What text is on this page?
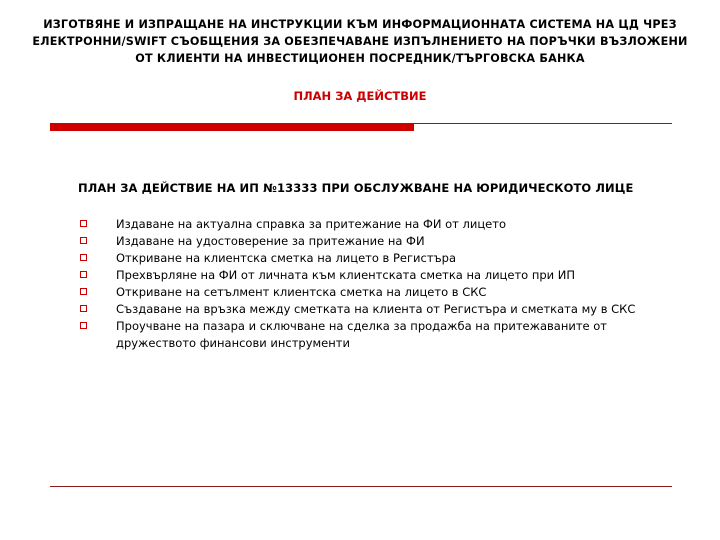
ИЗГОТВЯНЕ И ИЗПРАЩАНЕ НА ИНСТРУКЦИИ КЪМ ИНФОРМАЦИОННАТА СИСТЕМА НА ЦД ЧРЕЗ ЕЛЕКТРОННИ/SWIFT СЪОБЩЕНИЯ ЗА ОБЕЗПЕЧАВАНЕ ИЗПЪЛНЕНИЕТО НА ПОРЪЧКИ ВЪЗЛОЖЕНИ ОТ КЛИЕНТИ НА ИНВЕСТИЦИОНЕН ПОСРЕДНИК/ТЪРГОВСКА БАНКА
ПЛАН ЗА ДЕЙСТВИЕ
ПЛАН ЗА ДЕЙСТВИЕ НА ИП №13333 ПРИ ОБСЛУЖВАНЕ НА ЮРИДИЧЕСКОТО ЛИЦЕ
Издаване на актуална справка за притежание на ФИ от лицето
Издаване на удостоверение за притежание на ФИ
Откриване на клиентска сметка на лицето в Регистъра
Прехвърляне на ФИ от личната към клиентската сметка на лицето при ИП
Откриване на сетълмент клиентска сметка на лицето в СКС
Създаване на връзка между сметката на клиента от Регистъра и сметката му в СКС
Проучване на пазара и сключване на сделка за продажба на притежаваните от дружеството финансови инструменти
